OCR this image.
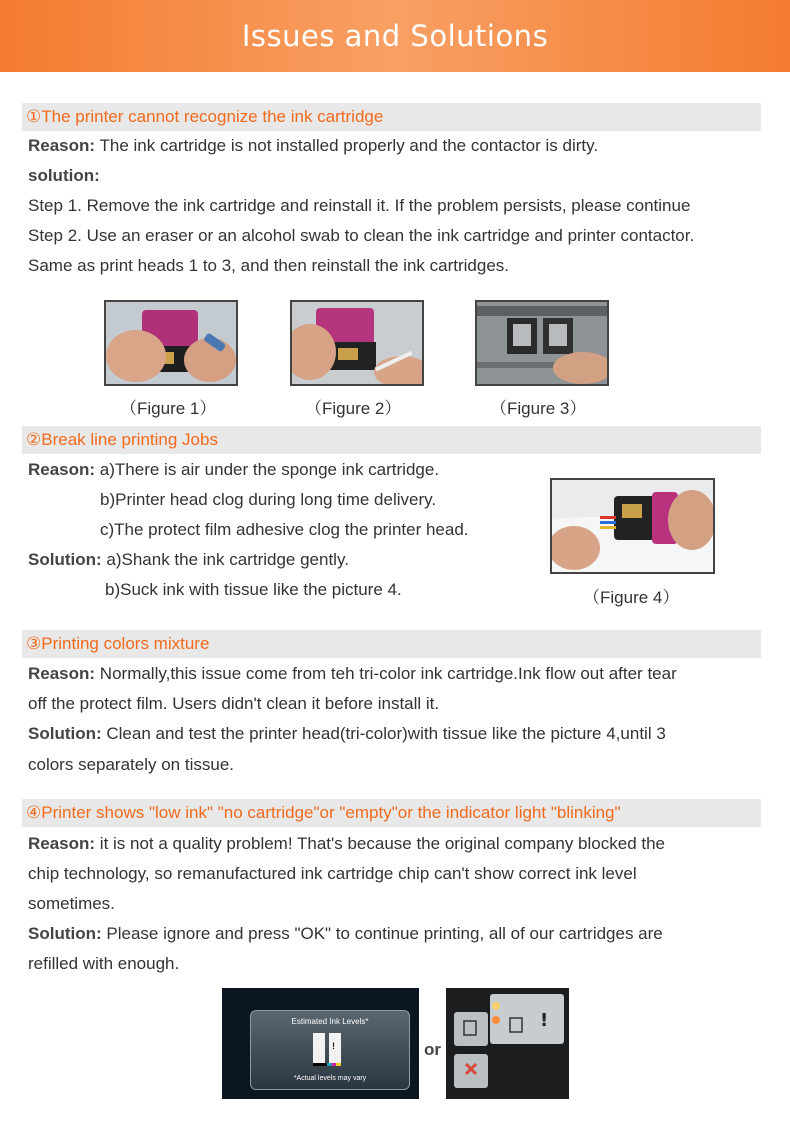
Issues and Solutions
①The printer cannot recognize the ink cartridge
Reason: The ink cartridge is not installed properly and the contactor is dirty.
solution:
Step 1. Remove the ink cartridge and reinstall it. If the problem persists, please continue
Step 2. Use an eraser or an alcohol swab to clean the ink cartridge and printer contactor.
Same as print heads 1 to 3, and then reinstall the ink cartridges.
（Figure 1）	（Figure 2）	（Figure 3）
②Break line printing Jobs
Reason: a)There is air under the sponge ink cartridge.
b)Printer head clog during long time delivery.
c)The protect film adhesive clog the printer head.
Solution: a)Shank the ink cartridge gently.
b)Suck ink with tissue like the picture 4.	（Figure 4）
③Printing colors mixture
Reason: Normally,this issue come from teh tri-color ink cartridge.Ink flow out after tear
off the protect film. Users didn't clean it before install it.
Solution: Clean and test the printer head(tri-color)with tissue like the picture 4,until 3
colors separately on tissue.
④Printer shows "low ink" "no cartridge"or "empty"or the indicator light "blinking"
Reason: it is not a quality problem! That's because the original company blocked the
chip technology, so remanufactured ink cartridge chip can't show correct ink level
sometimes.
Solution: Please ignore and press "OK" to continue printing, all of our cartridges are
refilled with enough.
Estimated Ink Levels*
!
*Actual levels may vary
or
!
